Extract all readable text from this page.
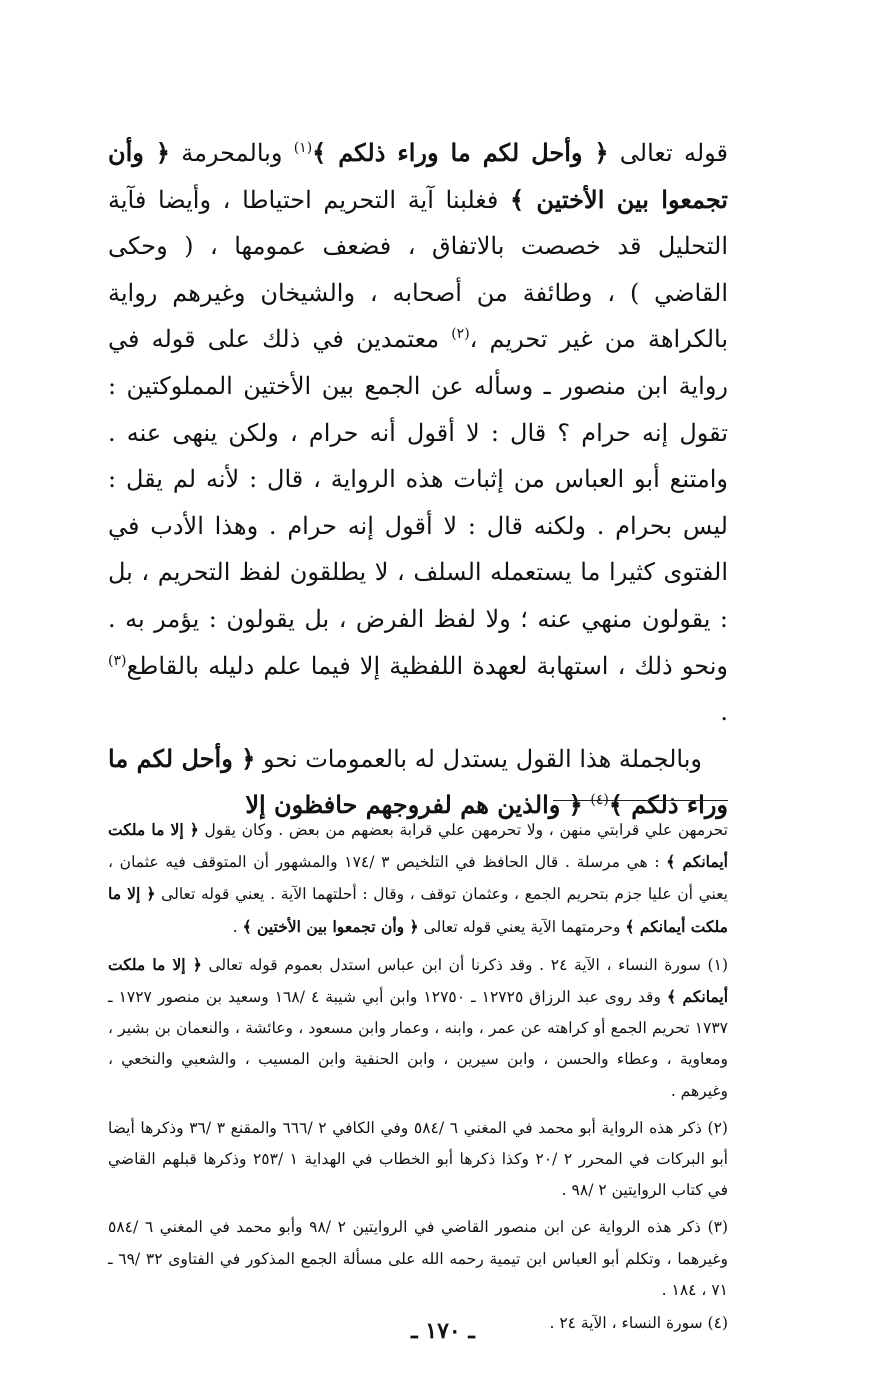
قوله تعالى ﴿ وأحل لكم ما وراء ذلكم ﴾$^{(١)}$ وبالمحرمة ﴿ وأن تجمعوا بين الأختين ﴾ فغلبنا آية التحريم احتياطا ، وأيضا فآية التحليل قد خصصت بالاتفاق ، فضعف عمومها ، ( وحكى القاضي ) ، وطائفة من أصحابه ، والشيخان وغيرهم رواية بالكراهة من غير تحريم ،$^{(٢)}$ معتمدين في ذلك على قوله في رواية ابن منصور ـ وسأله عن الجمع بين الأختين المملوكتين : تقول إنه حرام ؟ قال : لا أقول أنه حرام ، ولكن ينهى عنه . وامتنع أبو العباس من إثبات هذه الرواية ، قال : لأنه لم يقل : ليس بحرام . ولكنه قال : لا أقول إنه حرام . وهذا الأدب في الفتوى كثيرا ما يستعمله السلف ، لا يطلقون لفظ التحريم ، بل : يقولون منهي عنه ؛ ولا لفظ الفرض ، بل يقولون : يؤمر به . ونحو ذلك ، استهابة لعهدة اللفظية إلا فيما علم دليله بالقاطع$^{(٣)}$ .

وبالجملة هذا القول يستدل له بالعمومات نحو ﴿ وأحل لكم ما وراء ذلكم ﴾$^{(٤)}$ ﴿ والذين هم لفروجهم حافظون إلا

تحرمهن علي قرابتي منهن ، ولا تحرمهن علي قرابة بعضهم من بعض . وكان يقول ﴿ إلا ما ملكت أيمانكم ﴾ : هي مرسلة . قال الحافظ في التلخيص ٣ /١٧٤ والمشهور أن المتوقف فيه عثمان ، يعني أن عليا جزم بتحريم الجمع ، وعثمان توقف ، وقال : أحلتهما الآية . يعني قوله تعالى ﴿ إلا ما ملكت أيمانكم ﴾ وحرمتهما الآية يعني قوله تعالى ﴿ وأن تجمعوا بين الأختين ﴾ .

(١) سورة النساء ، الآية ٢٤ . وقد ذكرنا أن ابن عباس استدل بعموم قوله تعالى ﴿ إلا ما ملكت أيمانكم ﴾ وقد روى عبد الرزاق ١٢٧٢٥ ـ ١٢٧٥٠ وابن أبي شيبة ٤ /١٦٨ وسعيد بن منصور ١٧٢٧ ـ ١٧٣٧ تحريم الجمع أو كراهته عن عمر ، وابنه ، وعمار وابن مسعود ، وعائشة ، والنعمان بن بشير ، ومعاوية ، وعطاء والحسن ، وابن سيرين ، وابن الحنفية وابن المسيب ، والشعبي والنخعي ، وغيرهم .

(٢) ذكر هذه الرواية أبو محمد في المغني ٦ /٥٨٤ وفي الكافي ٢ /٦٦٦ والمقنع ٣ /٣٦ وذكرها أيضا أبو البركات في المحرر ٢ /٢٠ وكذا ذكرها أبو الخطاب في الهداية ١ /٢٥٣ وذكرها قبلهم القاضي في كتاب الروايتين ٢ /٩٨ .

(٣) ذكر هذه الرواية عن ابن منصور القاضي في الروايتين ٢ /٩٨ وأبو محمد في المغني ٦ /٥٨٤ وغيرهما ، وتكلم أبو العباس ابن تيمية رحمه الله على مسألة الجمع المذكور في الفتاوى ٣٢ /٦٩ ـ ٧١ ، ١٨٤ .

(٤) سورة النساء ، الآية ٢٤ .

ـ ١٧٠ ـ
